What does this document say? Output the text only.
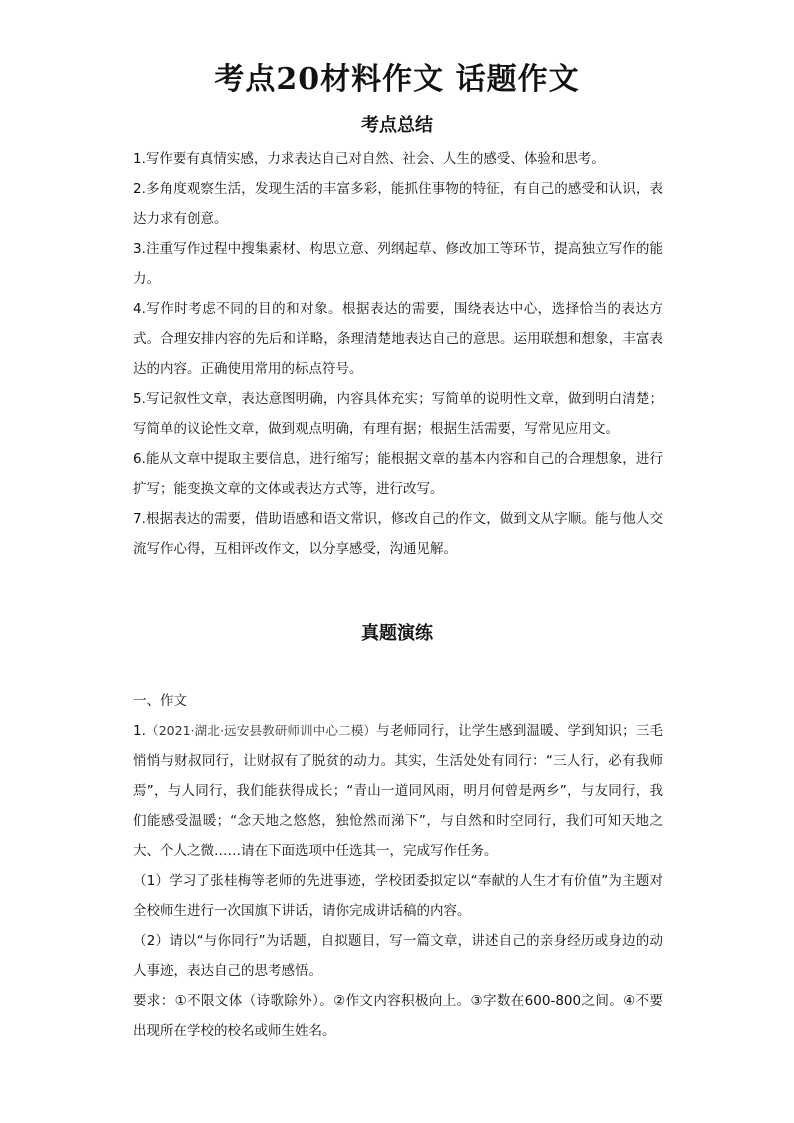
考点20材料作文 话题作文
考点总结

1.写作要有真情实感，力求表达自己对自然、社会、人生的感受、体验和思考。

2.多角度观察生活，发现生活的丰富多彩，能抓住事物的特征，有自己的感受和认识，表达力求有创意。

3.注重写作过程中搜集素材、构思立意、列纲起草、修改加工等环节，提高独立写作的能力。

4.写作时考虑不同的目的和对象。根据表达的需要，围绕表达中心，选择恰当的表达方式。合理安排内容的先后和详略，条理清楚地表达自己的意思。运用联想和想象，丰富表达的内容。正确使用常用的标点符号。

5.写记叙性文章，表达意图明确，内容具体充实；写简单的说明性文章，做到明白清楚；写简单的议论性文章，做到观点明确，有理有据；根据生活需要，写常见应用文。

6.能从文章中提取主要信息，进行缩写；能根据文章的基本内容和自己的合理想象，进行扩写；能变换文章的文体或表达方式等，进行改写。

7.根据表达的需要，借助语感和语文常识，修改自己的作文，做到文从字顺。能与他人交流写作心得，互相评改作文，以分享感受，沟通见解。

真题演练

一、作文

1.（2021·湖北·远安县教研师训中心二模）与老师同行，让学生感到温暖、学到知识；三毛悄悄与财叔同行，让财叔有了脱贫的动力。其实，生活处处有同行：“三人行，必有我师焉”，与人同行，我们能获得成长；“青山一道同风雨，明月何曾是两乡”，与友同行，我们能感受温暖；“念天地之悠悠，独怆然而涕下”，与自然和时空同行，我们可知天地之大、个人之微……请在下面选项中任选其一，完成写作任务。

（1）学习了张桂梅等老师的先进事迹，学校团委拟定以“奉献的人生才有价值”为主题对全校师生进行一次国旗下讲话，请你完成讲话稿的内容。

（2）请以“与你同行”为话题，自拟题目，写一篇文章，讲述自己的亲身经历或身边的动人事迹，表达自己的思考感悟。

要求：①不限文体（诗歌除外）。②作文内容积极向上。③字数在600-800之间。④不要出现所在学校的校名或师生姓名。
